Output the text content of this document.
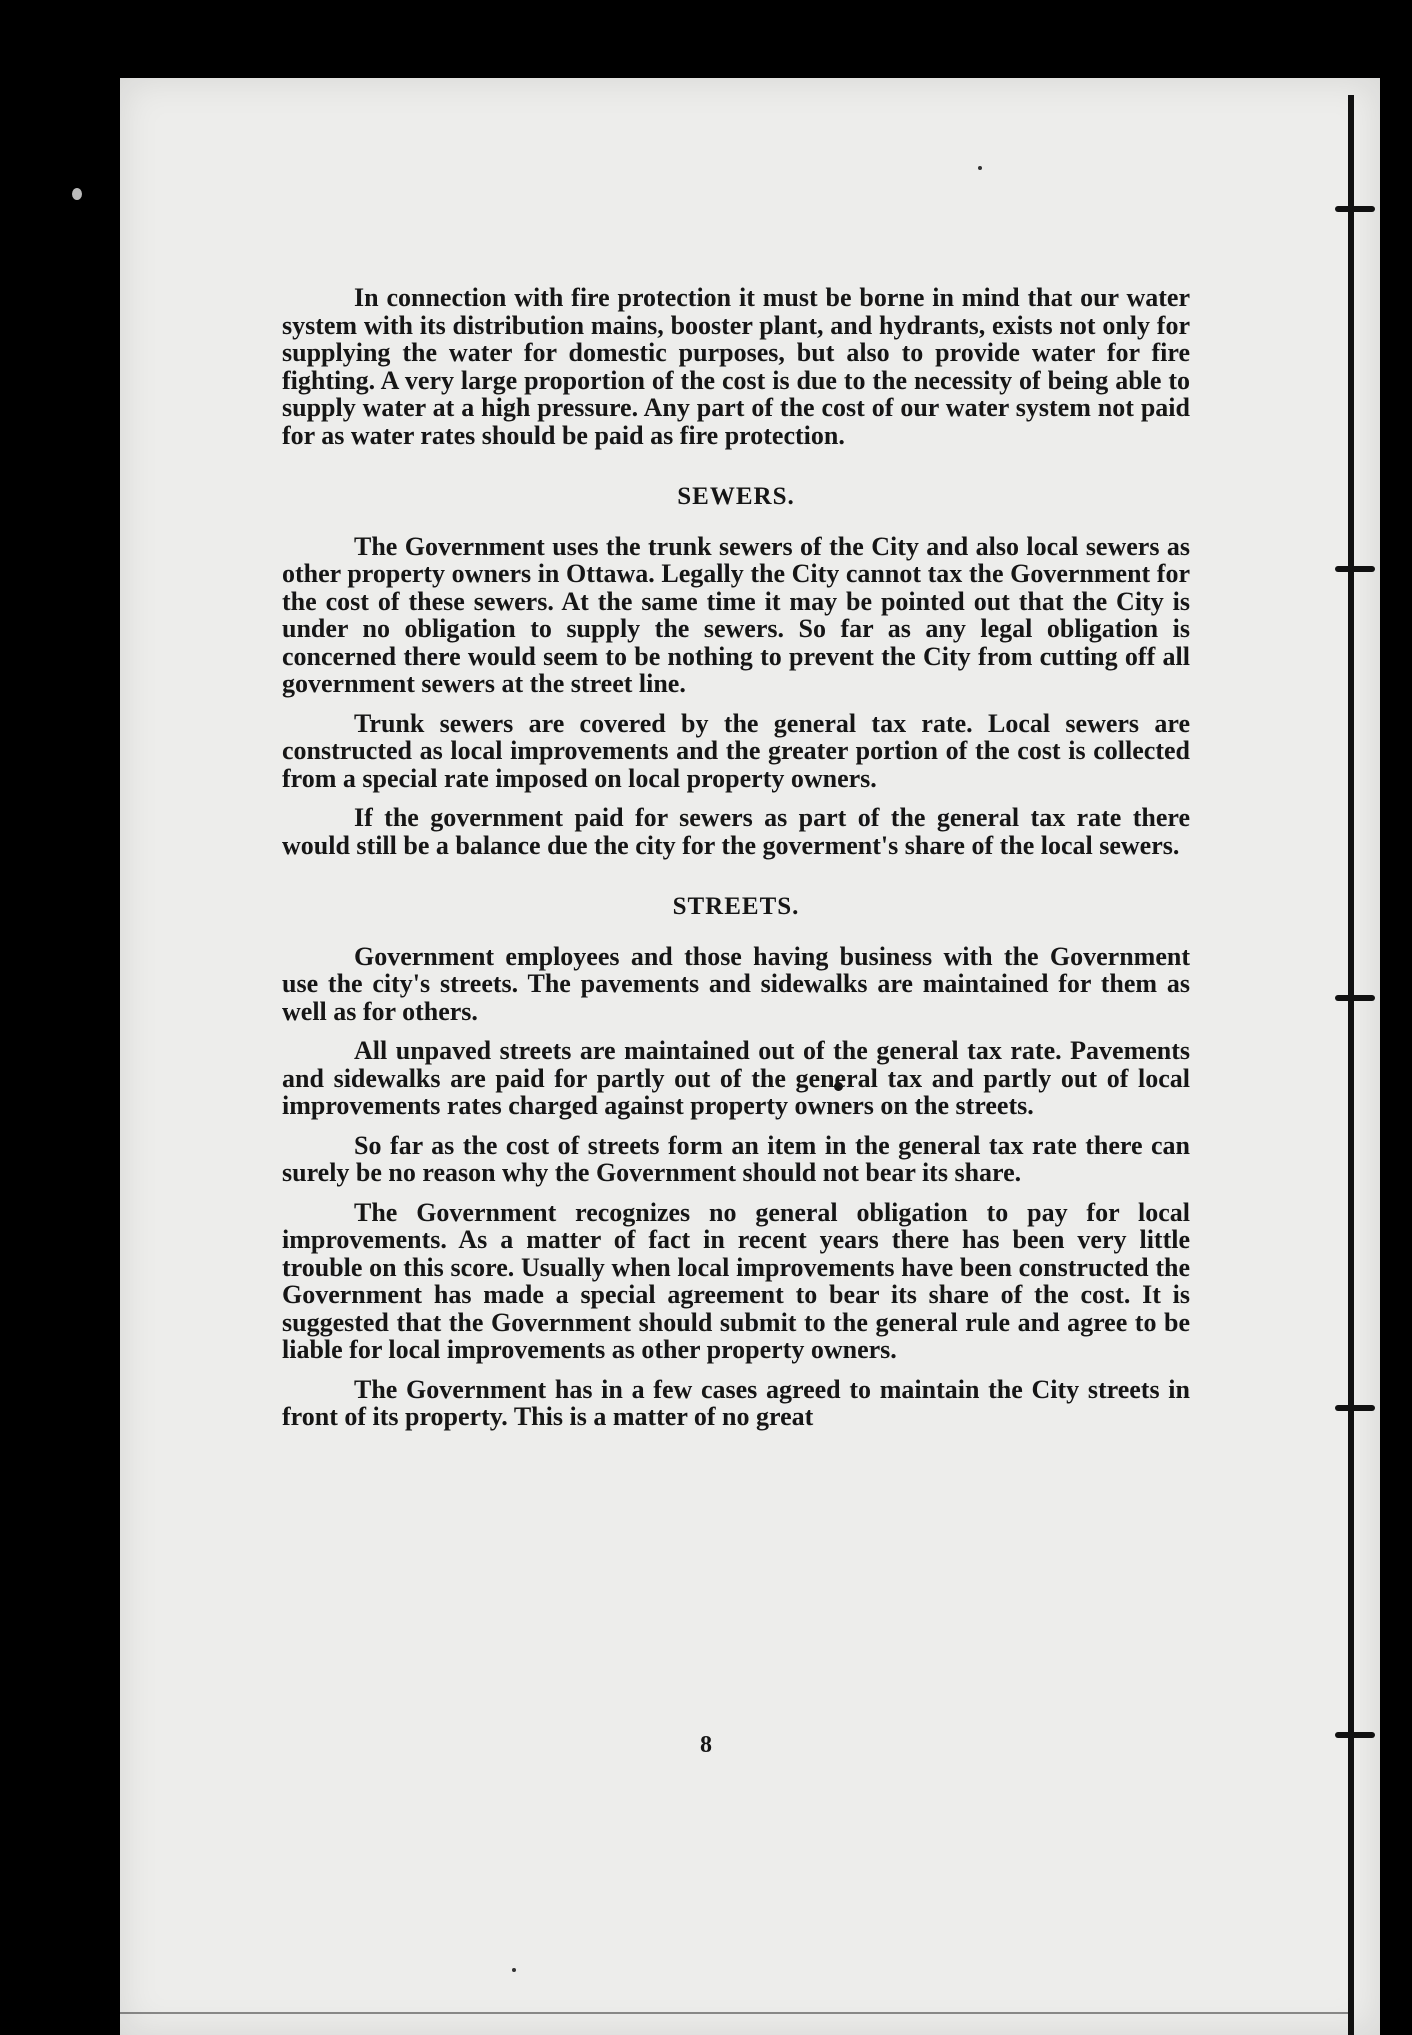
In connection with fire protection it must be borne in mind that our water system with its distribution mains, booster plant, and hydrants, exists not only for supplying the water for domestic purposes, but also to provide water for fire fighting. A very large proportion of the cost is due to the necessity of being able to supply water at a high pressure. Any part of the cost of our water system not paid for as water rates should be paid as fire protection.

SEWERS.

The Government uses the trunk sewers of the City and also local sewers as other property owners in Ottawa. Legally the City cannot tax the Government for the cost of these sewers. At the same time it may be pointed out that the City is under no obligation to supply the sewers. So far as any legal obligation is concerned there would seem to be nothing to prevent the City from cutting off all government sewers at the street line.

Trunk sewers are covered by the general tax rate. Local sewers are constructed as local improvements and the greater portion of the cost is collected from a special rate imposed on local property owners.

If the government paid for sewers as part of the general tax rate there would still be a balance due the city for the goverment's share of the local sewers.

STREETS.

Government employees and those having business with the Government use the city's streets. The pavements and sidewalks are maintained for them as well as for others.

All unpaved streets are maintained out of the general tax rate. Pavements and sidewalks are paid for partly out of the general tax and partly out of local improvements rates charged against property owners on the streets.

So far as the cost of streets form an item in the general tax rate there can surely be no reason why the Government should not bear its share.

The Government recognizes no general obligation to pay for local improvements. As a matter of fact in recent years there has been very little trouble on this score. Usually when local improvements have been constructed the Government has made a special agreement to bear its share of the cost. It is suggested that the Government should submit to the general rule and agree to be liable for local improvements as other property owners.

The Government has in a few cases agreed to maintain the City streets in front of its property. This is a matter of no great

8
